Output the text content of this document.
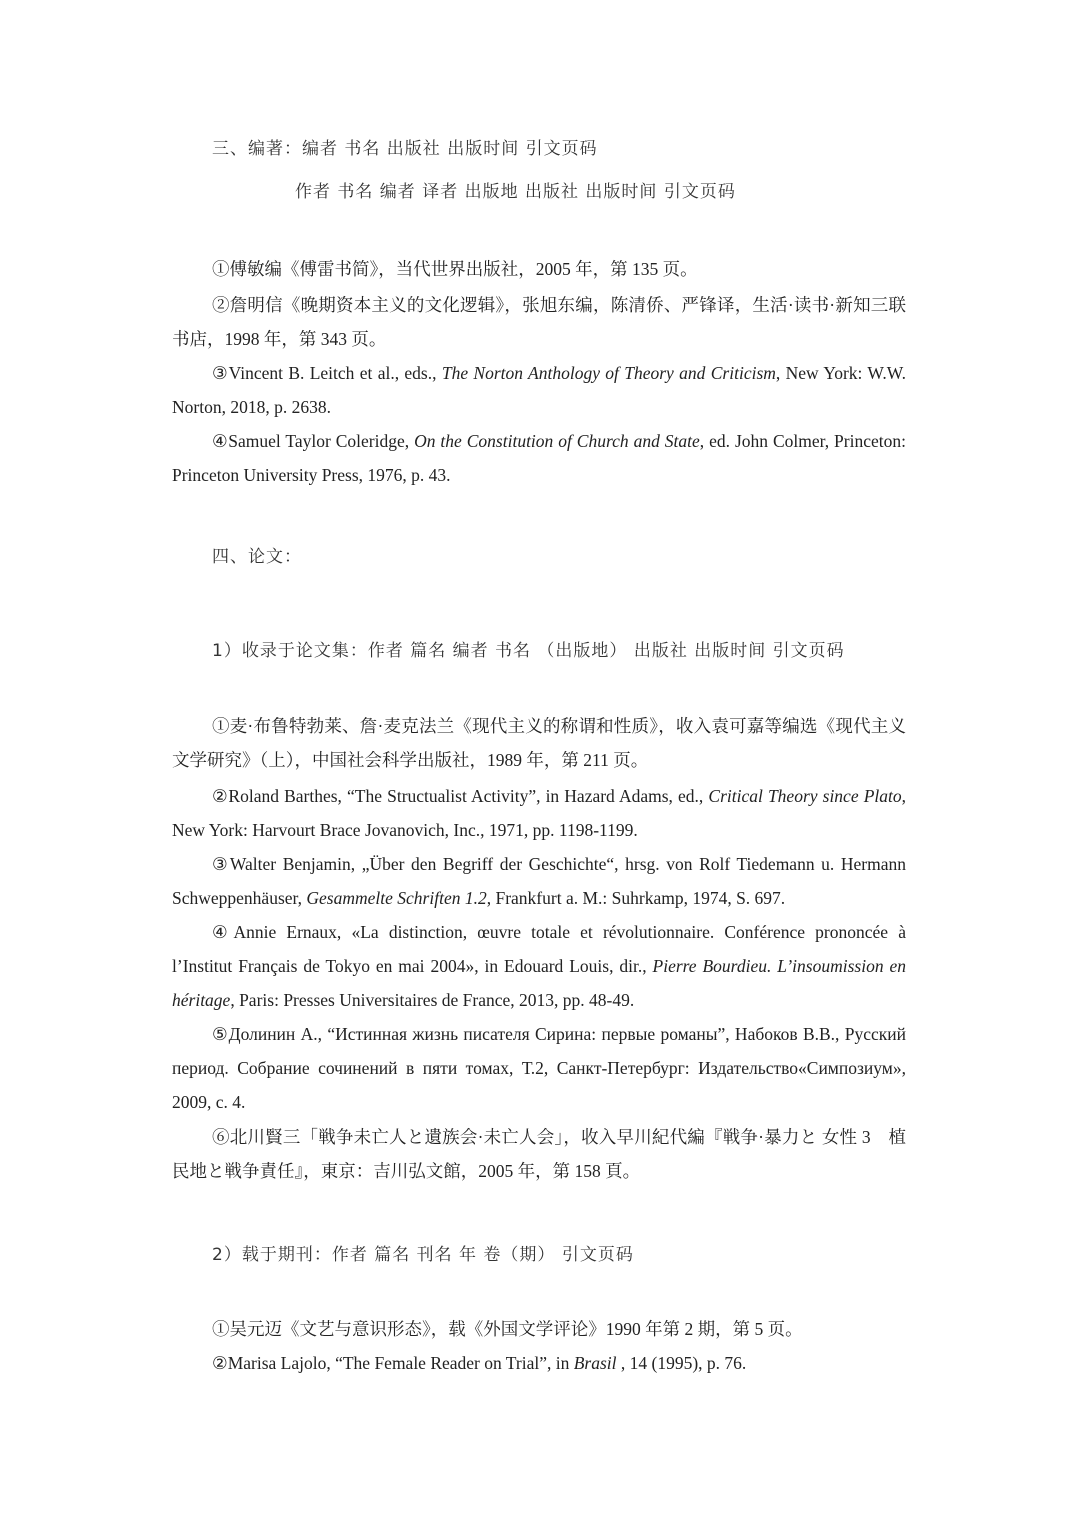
三、编著：编者 书名 出版社 出版时间 引文页码
作者 书名 编者 译者 出版地 出版社 出版时间 引文页码

①傅敏编《傅雷书简》，当代世界出版社，2005 年，第 135 页。

②詹明信《晚期资本主义的文化逻辑》，张旭东编，陈清侨、严锋译，生活·读书·新知三联书店，1998 年，第 343 页。

③Vincent B. Leitch et al., eds., The Norton Anthology of Theory and Criticism, New York: W.W. Norton, 2018, p. 2638.

④Samuel Taylor Coleridge, On the Constitution of Church and State, ed. John Colmer, Princeton: Princeton University Press, 1976, p. 43.

四、论文：
1）收录于论文集：作者 篇名 编者 书名 （出版地） 出版社 出版时间 引文页码

①麦·布鲁特勃莱、詹·麦克法兰《现代主义的称谓和性质》，收入袁可嘉等编选《现代主义文学研究》（上），中国社会科学出版社，1989 年，第 211 页。

②Roland Barthes, “The Structualist Activity”, in Hazard Adams, ed., Critical Theory since Plato, New York: Harvourt Brace Jovanovich, Inc., 1971, pp. 1198-1199.

③Walter Benjamin, „Über den Begriff der Geschichte“, hrsg. von Rolf Tiedemann u. Hermann Schweppenhäuser, Gesammelte Schriften 1.2, Frankfurt a. M.: Suhrkamp, 1974, S. 697.

④Annie Ernaux, «La distinction, œuvre totale et révolutionnaire. Conférence prononcée à l’Institut Français de Tokyo en mai 2004», in Edouard Louis, dir., Pierre Bourdieu. L’insoumission en héritage, Paris: Presses Universitaires de France, 2013, pp. 48-49.

⑤Долинин А., “Истинная жизнь писателя Сирина: первые романы”, Набоков В.В., Русский период. Собрание сочинений в пяти томах, Т.2, Санкт-Петербург: Издательство«Симпозиум», 2009, с. 4.

⑥北川賢三「戦争未亡人と遺族会·未亡人会」，收入早川紀代編『戦争·暴力と 女性 3　植民地と戦争責任』，東京：吉川弘文館，2005 年，第 158 頁。

2）载于期刊：作者 篇名 刊名 年 卷（期） 引文页码

①吴元迈《文艺与意识形态》，载《外国文学评论》1990 年第 2 期，第 5 页。

②Marisa Lajolo, “The Female Reader on Trial”, in Brasil , 14 (1995), p. 76.
